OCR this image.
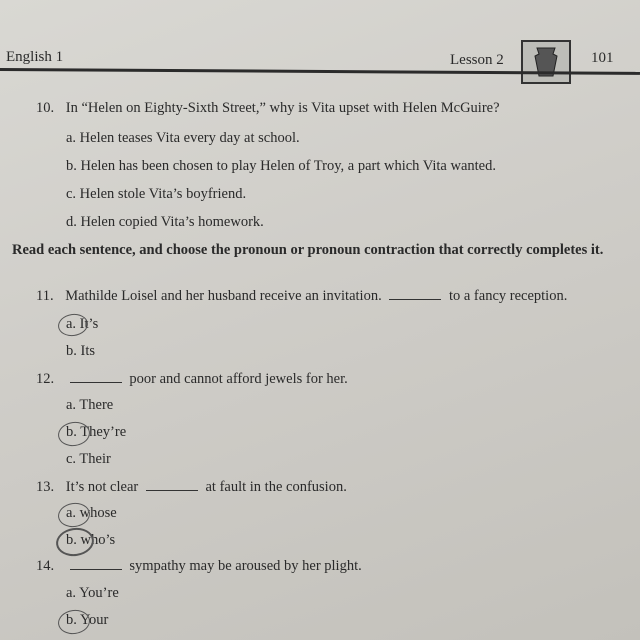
English 1	Lesson 2	101
10. In “Helen on Eighty-Sixth Street,” why is Vita upset with Helen McGuire?
a. Helen teases Vita every day at school.
b. Helen has been chosen to play Helen of Troy, a part which Vita wanted.
c. Helen stole Vita’s boyfriend.
d. Helen copied Vita’s homework.
Read each sentence, and choose the pronoun or pronoun contraction that correctly completes it.
11. Mathilde Loisel and her husband receive an invitation.	to a fancy reception.
a. It’s
b. Its
12.	poor and cannot afford jewels for her.
a. There
b. They’re
c. Their
13. It’s not clear	at fault in the confusion.
a. whose
b. who’s
14.	sympathy may be aroused by her plight.
a. You’re
b. Your
